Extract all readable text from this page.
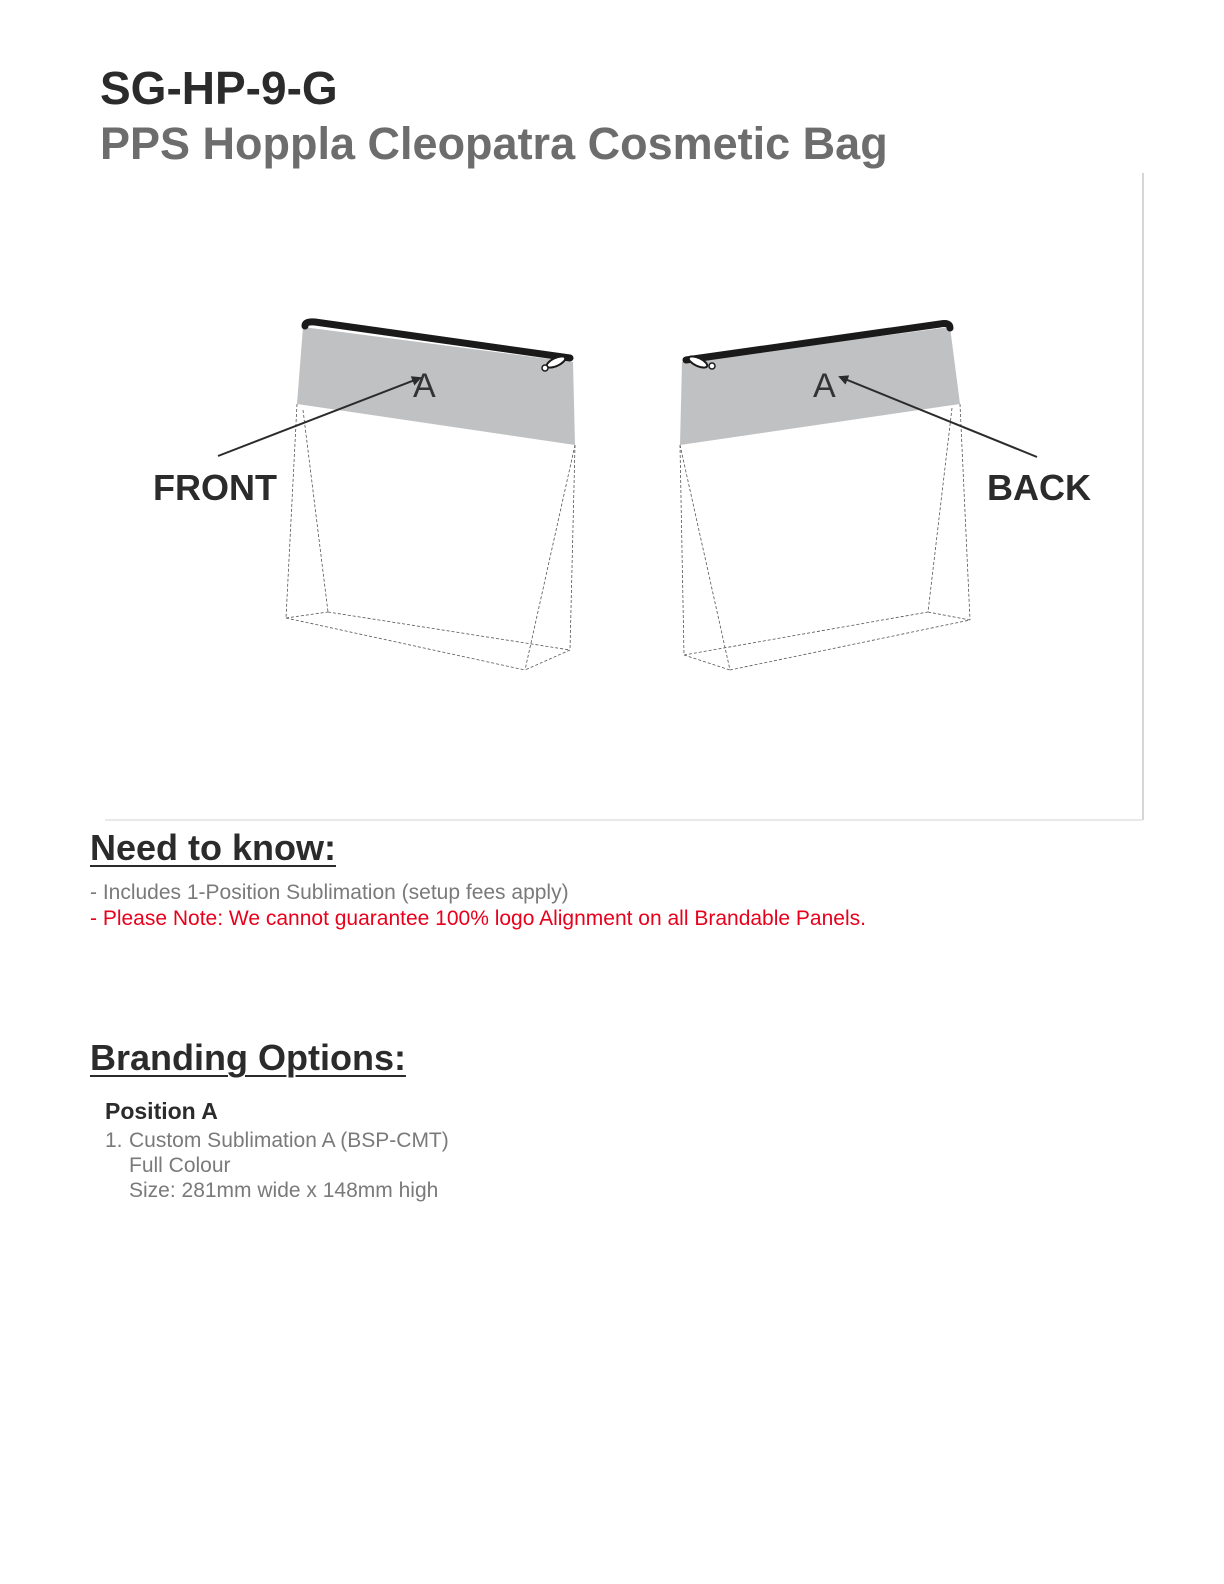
SG-HP-9-G
PPS Hoppla Cleopatra Cosmetic Bag
A
FRONT
A
BACK
Need to know:
- Includes 1-Position Sublimation (setup fees apply)
- Please Note: We cannot guarantee 100% logo Alignment on all Brandable Panels.
Branding Options:
Position A
1. Custom Sublimation A (BSP-CMT)
Full Colour
Size: 281mm wide x 148mm high
